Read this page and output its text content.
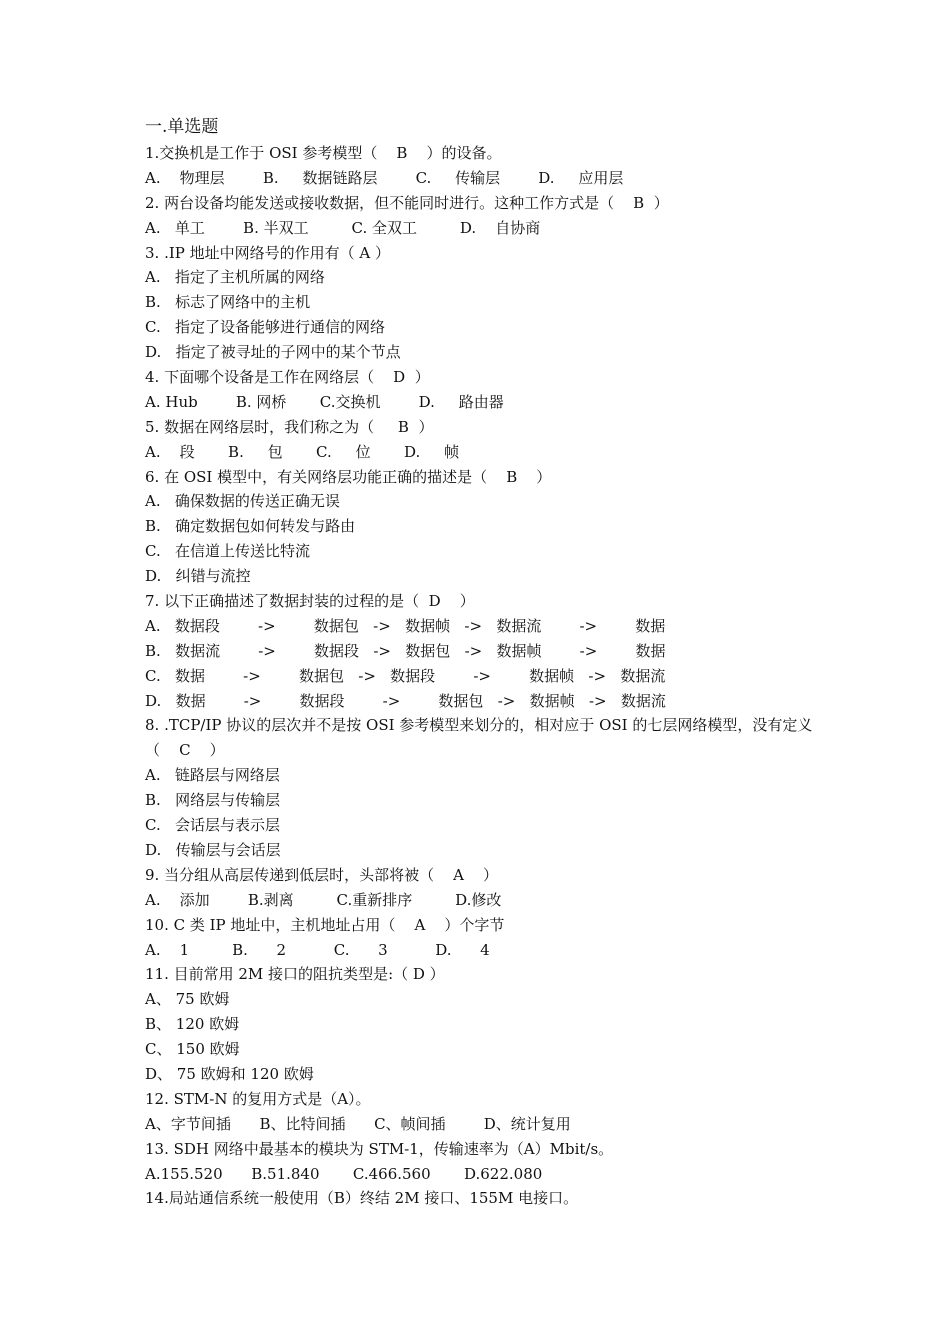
一.单选题
1.交换机是工作于 OSI 参考模型（    B    ）的设备。
A.    物理层        B.     数据链路层        C.     传输层        D.     应用层
2. 两台设备均能发送或接收数据，但不能同时进行。这种工作方式是（    B  ）
A.   单工        B. 半双工         C. 全双工         D.    自协商
3. .IP 地址中网络号的作用有（ A ）
A.   指定了主机所属的网络
B.   标志了网络中的主机
C.   指定了设备能够进行通信的网络
D.   指定了被寻址的子网中的某个节点
4. 下面哪个设备是工作在网络层（    D  ）
A. Hub        B. 网桥       C.交换机        D.     路由器
5. 数据在网络层时，我们称之为（     B  ）
A.    段       B.     包       C.     位       D.     帧
6. 在 OSI 模型中，有关网络层功能正确的描述是（    B    ）
A.   确保数据的传送正确无误
B.   确定数据包如何转发与路由
C.   在信道上传送比特流
D.   纠错与流控
7. 以下正确描述了数据封装的过程的是（  D    ）
A.   数据段        ->        数据包   ->   数据帧   ->   数据流        ->        数据
B.   数据流        ->        数据段   ->   数据包   ->   数据帧        ->        数据
C.   数据        ->        数据包   ->   数据段        ->        数据帧   ->   数据流
D.   数据        ->        数据段        ->        数据包   ->   数据帧   ->   数据流
8. .TCP/IP 协议的层次并不是按 OSI 参考模型来划分的，相对应于 OSI 的七层网络模型，没有定义（    C    ）
A.   链路层与网络层
B.   网络层与传输层
C.   会话层与表示层
D.   传输层与会话层
9. 当分组从高层传递到低层时，头部将被（    A    ）
A.    添加        B.剥离         C.重新排序         D.修改
10. C 类 IP 地址中，主机地址占用（    A    ）个字节
A.    1         B.      2          C.      3          D.      4
11. 目前常用 2M 接口的阻抗类型是:（ D ）
A、 75 欧姆
B、 120 欧姆
C、 150 欧姆
D、 75 欧姆和 120 欧姆
12. STM-N 的复用方式是（A）。
A、字节间插      B、比特间插      C、帧间插        D、统计复用
13. SDH 网络中最基本的模块为 STM-1，传输速率为（A）Mbit/s。
A.155.520      B.51.840       C.466.560       D.622.080
14.局站通信系统一般使用（B）终结 2M 接口、155M 电接口。
